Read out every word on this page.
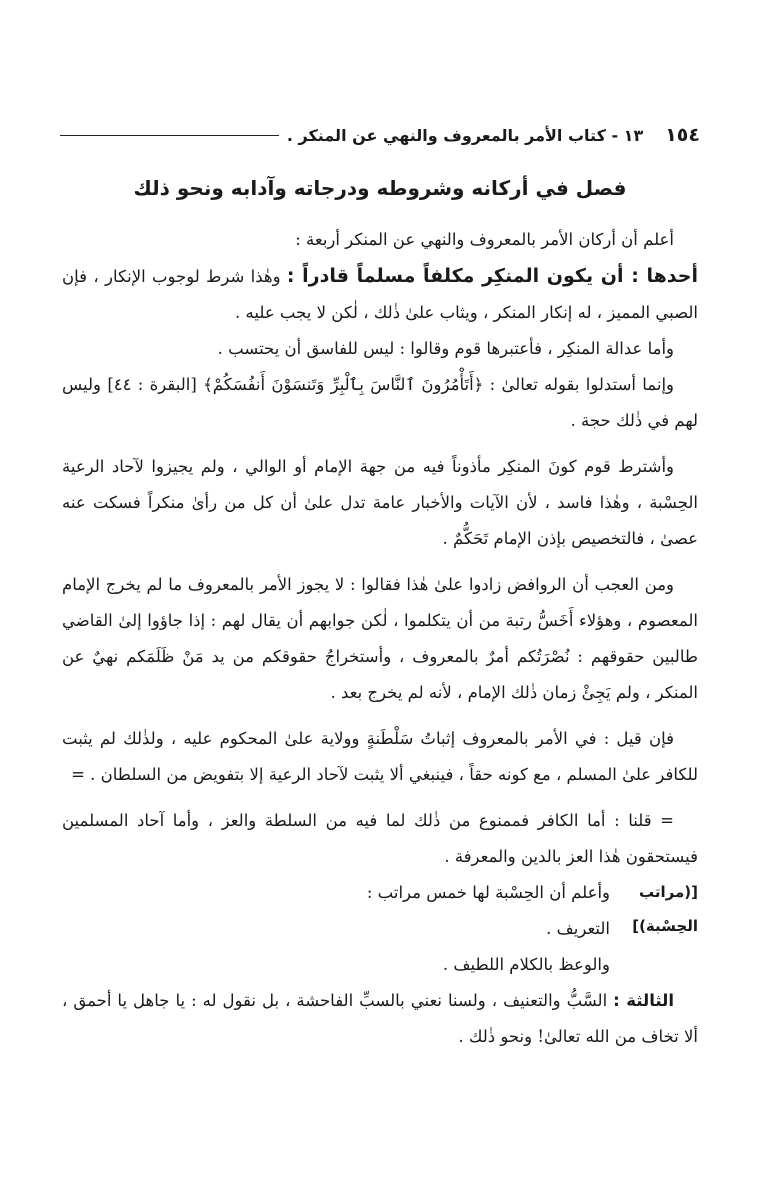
١٥٤
١٣ - كتاب الأمر بالمعروف والنهي عن المنكر .
فصل في أركانه وشروطه ودرجاته وآدابه ونحو ذلك

أعلم أن أركان الأمر بالمعروف والنهي عن المنكر أربعة :

أحدها : أن يكون المنكِر مكلفاً مسلماً قادراً : وهٰذا شرط لوجوب الإنكار ، فإن الصبي المميز ، له إنكار المنكر ، ويثاب علىٰ ذٰلك ، لٰكن لا يجب عليه .

وأما عدالة المنكِر ، فأعتبرها قوم وقالوا : ليس للفاسق أن يحتسب .

وإنما أستدلوا بقوله تعالىٰ : ﴿أَتَأْمُرُونَ ٱلنَّاسَ بِٱلْبِرِّ وَتَنسَوْنَ أَنفُسَكُمْ﴾ [البقرة : ٤٤] وليس لهم في ذٰلك حجة .

وأشترط قوم كونَ المنكِر مأذوناً فيه من جهة الإمام أو الوالي ، ولم يجيزوا لآحاد الرعية الحِسْبة ، وهٰذا فاسد ، لأن الآيات والأخبار عامة تدل علىٰ أن كل من رأىٰ منكراً فسكت عنه عصىٰ ، فالتخصيص بإذن الإمام تَحَكُّمٌ .

ومن العجب أن الروافض زادوا علىٰ هٰذا فقالوا : لا يجوز الأمر بالمعروف ما لم يخرج الإمام المعصوم ، وهؤلاء أَخَسُّ رتبة من أن يتكلموا ، لٰكن جوابهم أن يقال لهم : إذا جاؤوا إلىٰ القاضي طالبين حقوقهم : نُصْرَتُكم أمرٌ بالمعروف ، وأستخراجُ حقوقكم من يد مَنْ ظَلَمَكم نهيٌ عن المنكر ، ولم يَجِئْ زمان ذٰلك الإمام ، لأنه لم يخرج بعد .

فإن قيل : في الأمر بالمعروف إثباتُ سَلْطَنةٍ وولاية علىٰ المحكوم عليه ، ولذٰلك لم يثبت للكافر علىٰ المسلم ، مع كونه حقاً ، فينبغي ألا يثبت لآحاد الرعية إلا بتفويض من السلطان . =

= قلنا : أما الكافر فممنوع من ذٰلك لما فيه من السلطة والعز ، وأما آحاد المسلمين فيستحقون هٰذا العز بالدين والمعرفة .

[(مراتب الحِسْبة)]

وأعلم أن الحِسْبة لها خمس مراتب :

التعريف .

والوعظ بالكلام اللطيف .

الثالثة : السَّبُّ والتعنيف ، ولسنا نعني بالسبِّ الفاحشة ، بل نقول له : يا جاهل يا أحمق ، ألا تخاف من الله تعالىٰ! ونحو ذٰلك .
